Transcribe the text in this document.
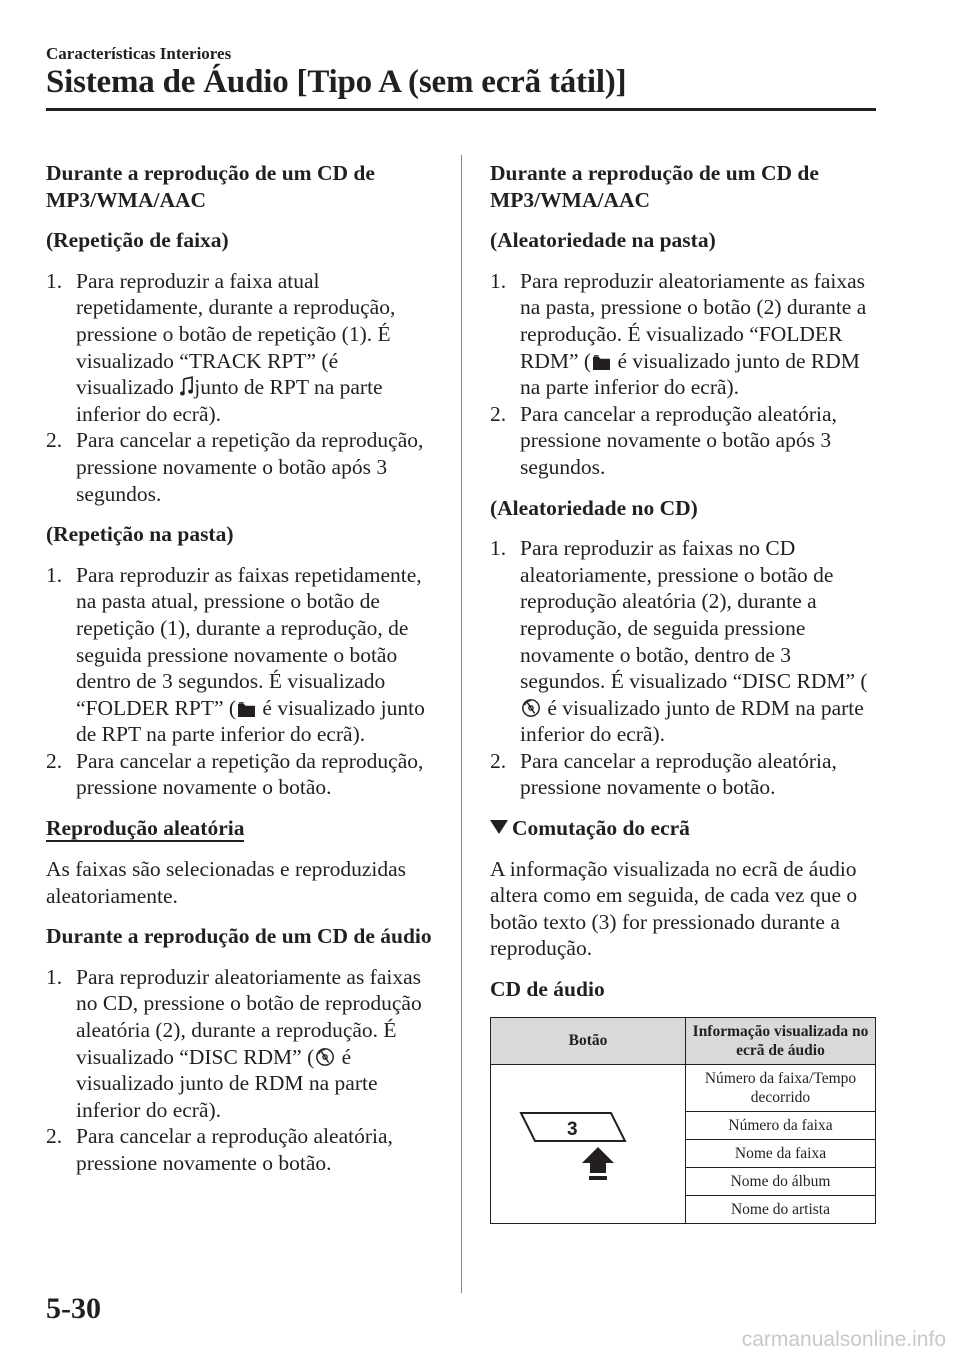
Características Interiores
Sistema de Áudio [Tipo A (sem ecrã tátil)]
Durante a reprodução de um CD de MP3/WMA/AAC
(Repetição de faixa)
1. Para reproduzir a faixa atual repetidamente, durante a reprodução, pressione o botão de repetição (1). É visualizado “TRACK RPT” (é visualizado junto de RPT na parte inferior do ecrã).
2. Para cancelar a repetição da reprodução, pressione novamente o botão após 3 segundos.
(Repetição na pasta)
1. Para reproduzir as faixas repetidamente, na pasta atual, pressione o botão de repetição (1), durante a reprodução, de seguida pressione novamente o botão dentro de 3 segundos. É visualizado “FOLDER RPT” ( é visualizado junto de RPT na parte inferior do ecrã).
2. Para cancelar a repetição da reprodução, pressione novamente o botão.
Reprodução aleatória
As faixas são selecionadas e reproduzidas aleatoriamente.
Durante a reprodução de um CD de áudio
1. Para reproduzir aleatoriamente as faixas no CD, pressione o botão de reprodução aleatória (2), durante a reprodução. É visualizado “DISC RDM” ( é visualizado junto de RDM na parte inferior do ecrã).
2. Para cancelar a reprodução aleatória, pressione novamente o botão.
Durante a reprodução de um CD de MP3/WMA/AAC
(Aleatoriedade na pasta)
1. Para reproduzir aleatoriamente as faixas na pasta, pressione o botão (2) durante a reprodução. É visualizado “FOLDER RDM” ( é visualizado junto de RDM na parte inferior do ecrã).
2. Para cancelar a reprodução aleatória, pressione novamente o botão após 3 segundos.
(Aleatoriedade no CD)
1. Para reproduzir as faixas no CD aleatoriamente, pressione o botão de reprodução aleatória (2), durante a reprodução, de seguida pressione novamente o botão, dentro de 3 segundos. É visualizado “DISC RDM” ( é visualizado junto de RDM na parte inferior do ecrã).
2. Para cancelar a reprodução aleatória, pressione novamente o botão.
Comutação do ecrã
A informação visualizada no ecrã de áudio altera como em seguida, de cada vez que o botão texto (3) for pressionado durante a reprodução.
CD de áudio
Botão	Informação visualizada no ecrã de áudio

3	Número da faixa/Tempo decorrido
	Número da faixa
	Nome da faixa
	Nome do álbum
	Nome do artista
5-30
carmanualsonline.info
